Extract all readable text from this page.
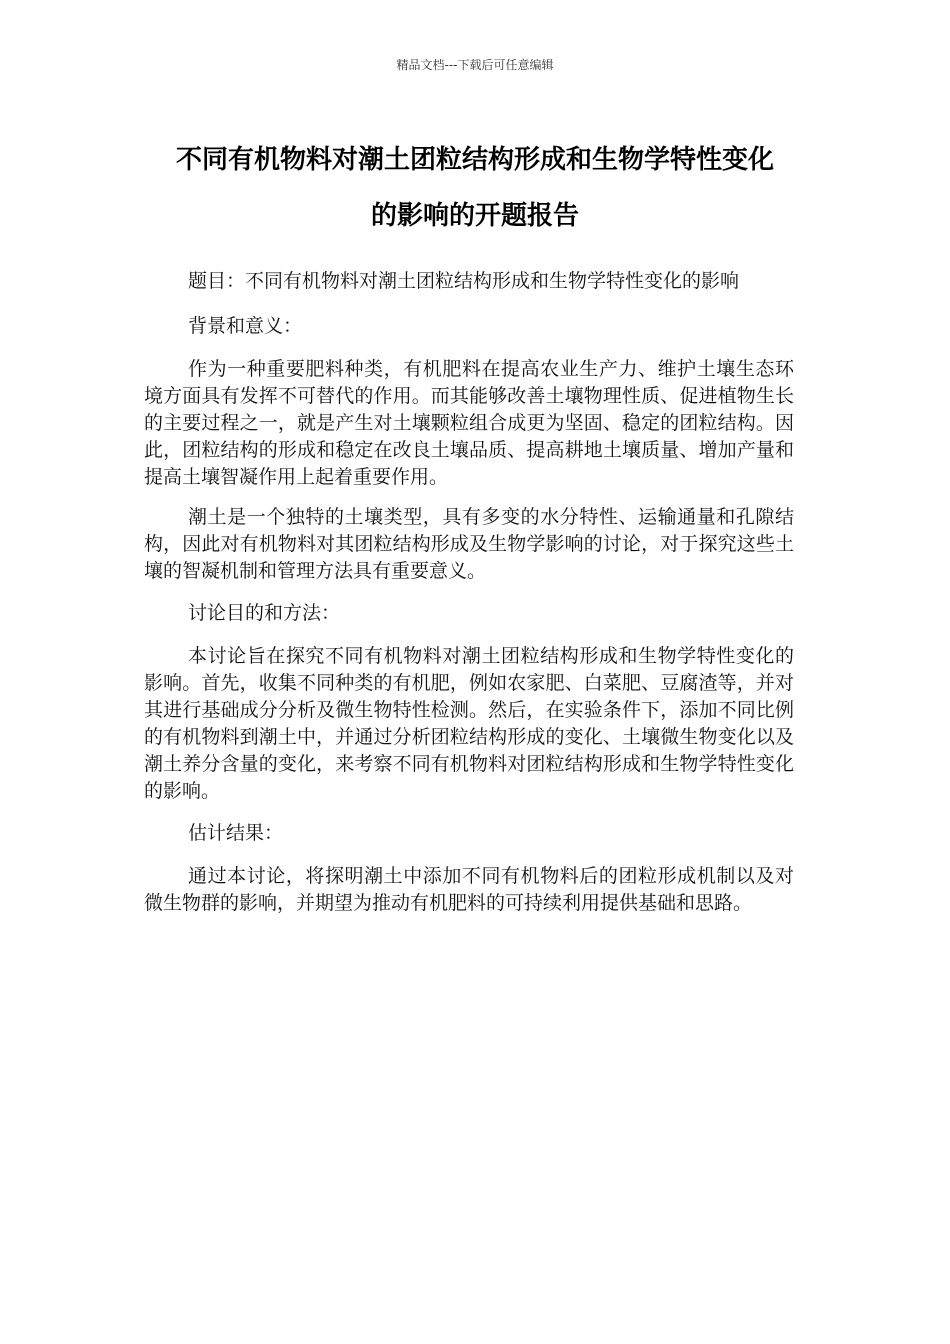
精品文档---下载后可任意编辑
不同有机物料对潮土团粒结构形成和生物学特性变化
的影响的开题报告

题目：不同有机物料对潮土团粒结构形成和生物学特性变化的影响

背景和意义：

作为一种重要肥料种类，有机肥料在提高农业生产力、维护土壤生态环境方面具有发挥不可替代的作用。而其能够改善土壤物理性质、促进植物生长的主要过程之一，就是产生对土壤颗粒组合成更为坚固、稳定的团粒结构。因此，团粒结构的形成和稳定在改良土壤品质、提高耕地土壤质量、增加产量和提高土壤智凝作用上起着重要作用。

潮土是一个独特的土壤类型，具有多变的水分特性、运输通量和孔隙结构，因此对有机物料对其团粒结构形成及生物学影响的讨论，对于探究这些土壤的智凝机制和管理方法具有重要意义。

讨论目的和方法：

本讨论旨在探究不同有机物料对潮土团粒结构形成和生物学特性变化的影响。首先，收集不同种类的有机肥，例如农家肥、白菜肥、豆腐渣等，并对其进行基础成分分析及微生物特性检测。然后，在实验条件下，添加不同比例的有机物料到潮土中，并通过分析团粒结构形成的变化、土壤微生物变化以及潮土养分含量的变化，来考察不同有机物料对团粒结构形成和生物学特性变化的影响。

估计结果：

通过本讨论，将探明潮土中添加不同有机物料后的团粒形成机制以及对微生物群的影响，并期望为推动有机肥料的可持续利用提供基础和思路。
